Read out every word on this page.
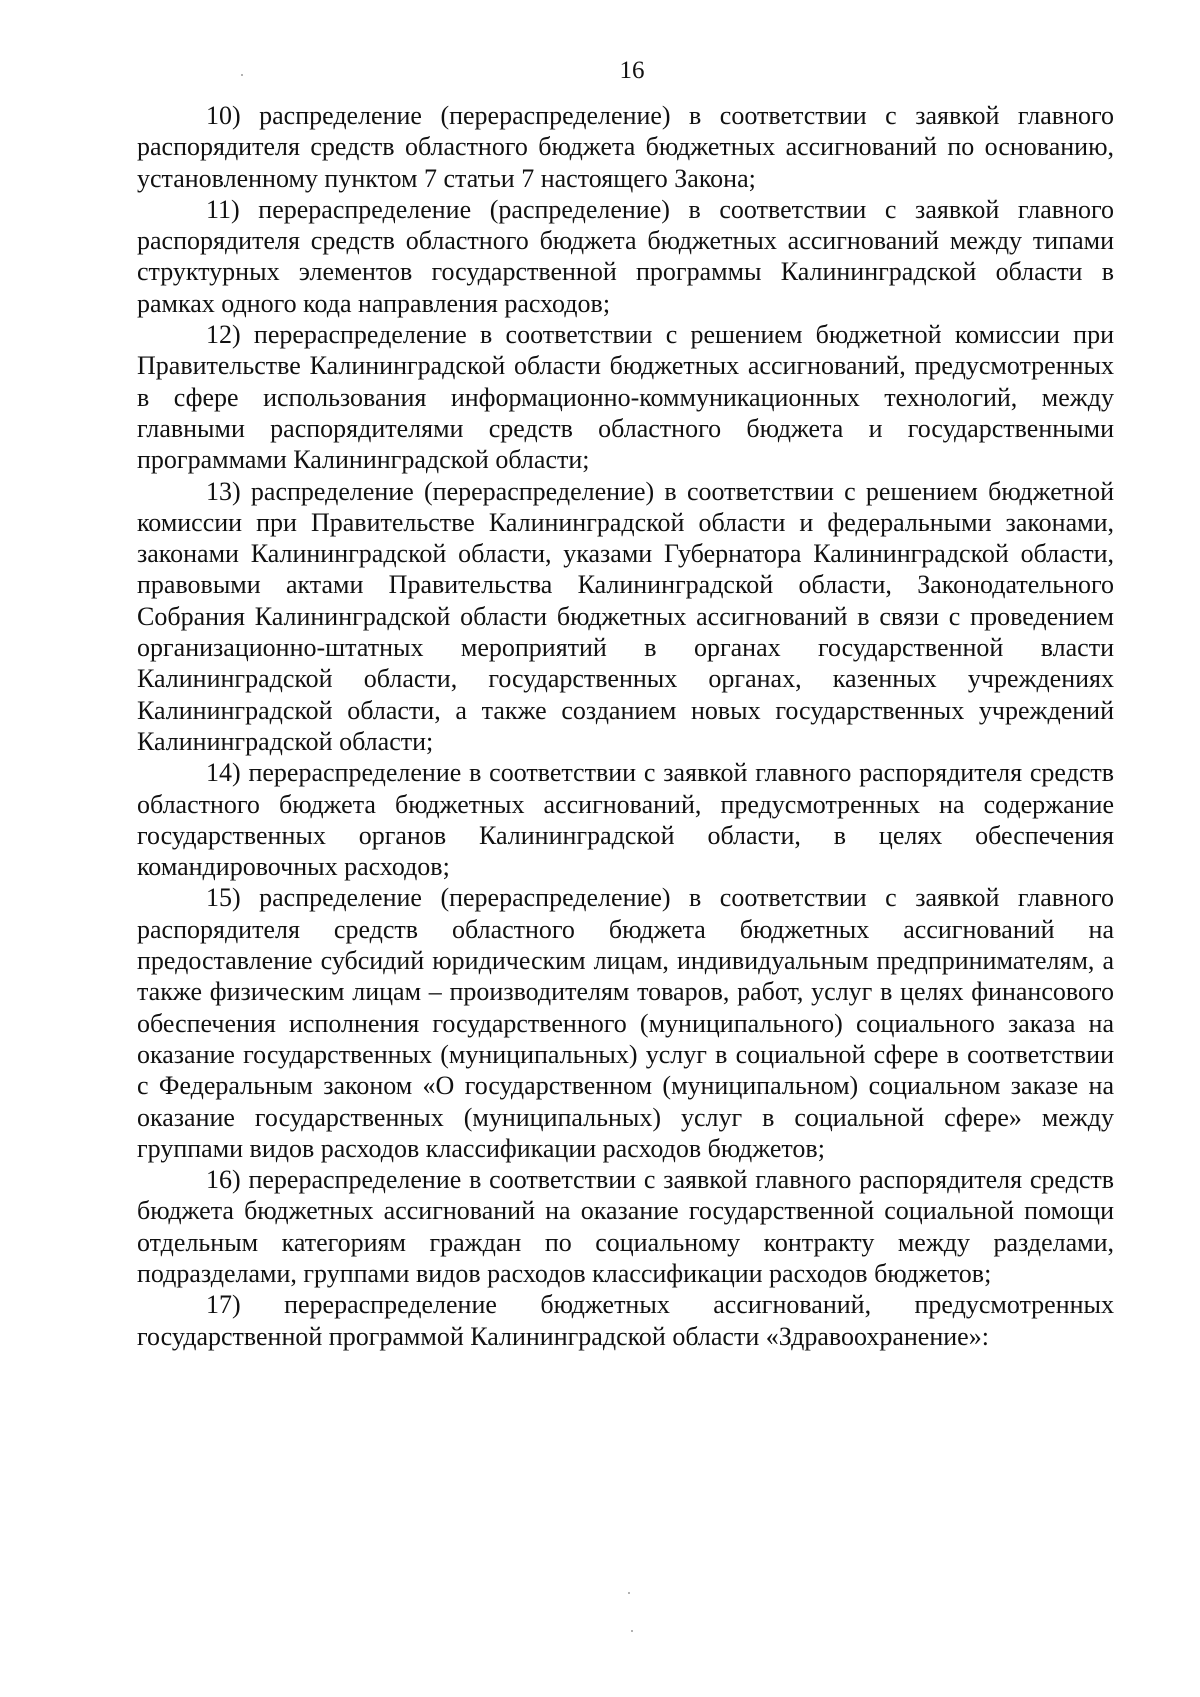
16

10) распределение (перераспределение) в соответствии с заявкой главного распорядителя средств областного бюджета бюджетных ассигнований по основанию, установленному пунктом 7 статьи 7 настоящего Закона;

11) перераспределение (распределение) в соответствии с заявкой главного распорядителя средств областного бюджета бюджетных ассигнований между типами структурных элементов государственной программы Калининградской области в рамках одного кода направления расходов;

12) перераспределение в соответствии с решением бюджетной комиссии при Правительстве Калининградской области бюджетных ассигнований, предусмотренных в сфере использования информационно-коммуникационных технологий, между главными распорядителями средств областного бюджета и государственными программами Калининградской области;

13) распределение (перераспределение) в соответствии с решением бюджетной комиссии при Правительстве Калининградской области и федеральными законами, законами Калининградской области, указами Губернатора Калининградской области, правовыми актами Правительства Калининградской области, Законодательного Собрания Калининградской области бюджетных ассигнований в связи с проведением организационно-штатных мероприятий в органах государственной власти Калининградской области, государственных органах, казенных учреждениях Калининградской области, а также созданием новых государственных учреждений Калининградской области;

14) перераспределение в соответствии с заявкой главного распорядителя средств областного бюджета бюджетных ассигнований, предусмотренных на содержание государственных органов Калининградской области, в целях обеспечения командировочных расходов;

15) распределение (перераспределение) в соответствии с заявкой главного распорядителя средств областного бюджета бюджетных ассигнований на предоставление субсидий юридическим лицам, индивидуальным предпринимателям, а также физическим лицам – производителям товаров, работ, услуг в целях финансового обеспечения исполнения государственного (муниципального) социального заказа на оказание государственных (муниципальных) услуг в социальной сфере в соответствии с Федеральным законом «О государственном (муниципальном) социальном заказе на оказание государственных (муниципальных) услуг в социальной сфере» между группами видов расходов классификации расходов бюджетов;

16) перераспределение в соответствии с заявкой главного распорядителя средств бюджета бюджетных ассигнований на оказание государственной социальной помощи отдельным категориям граждан по социальному контракту между разделами, подразделами, группами видов расходов классификации расходов бюджетов;

17) перераспределение бюджетных ассигнований, предусмотренных государственной программой Калининградской области «Здравоохранение»:
